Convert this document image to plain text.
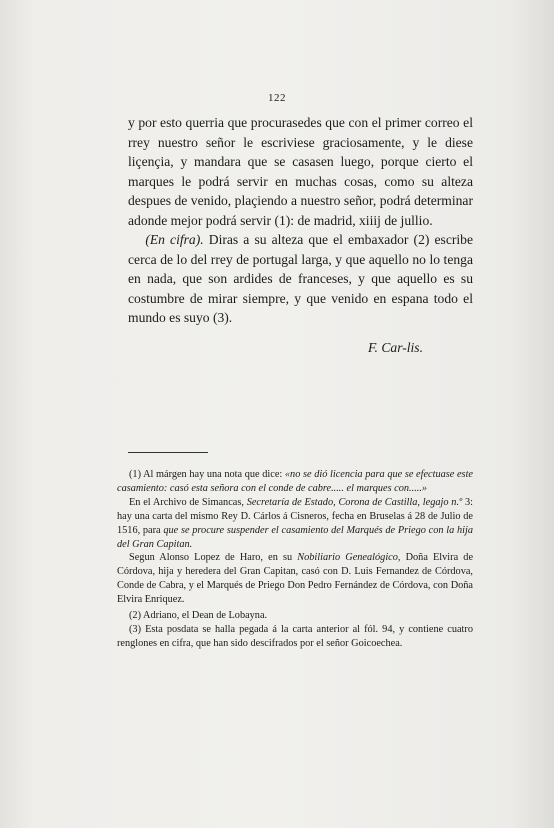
122

y por esto querria que procurasedes que con el primer correo el rrey nuestro señor le escriviese graciosamente, y le diese liçençia, y mandara que se casasen luego, porque cierto el marques le podrá servir en muchas cosas, como su alteza despues de venido, plaçiendo a nuestro señor, podrá determinar adonde mejor podrá servir (1): de madrid, xiiij de jullio.

(En cifra). Diras a su alteza que el embaxador (2) escribe cerca de lo del rrey de portugal larga, y que aquello no lo tenga en nada, que son ardides de franceses, y que aquello es su costumbre de mirar siempre, y que venido en espana todo el mundo es suyo (3).

F. Car-lis.

(1) Al márgen hay una nota que dice: «no se dió licencia para que se efectuase este casamiento: casó esta señora con el conde de cabre..... el marques con.....»

En el Archivo de Simancas, Secretaría de Estado, Corona de Castilla, legajo n.º 3: hay una carta del mismo Rey D. Cárlos á Cisneros, fecha en Bruselas á 28 de Julio de 1516, para que se procure suspender el casamiento del Marqués de Priego con la hija del Gran Capitan.

Segun Alonso Lopez de Haro, en su Nobiliario Genealógico, Doña Elvira de Córdova, hija y heredera del Gran Capitan, casó con D. Luis Fernandez de Córdova, Conde de Cabra, y el Marqués de Priego Don Pedro Fernández de Córdova, con Doña Elvira Enriquez.

(2) Adriano, el Dean de Lobayna.

(3) Esta posdata se halla pegada á la carta anterior al fól. 94, y contiene cuatro renglones en cifra, que han sido descifrados por el señor Goicoechea.
